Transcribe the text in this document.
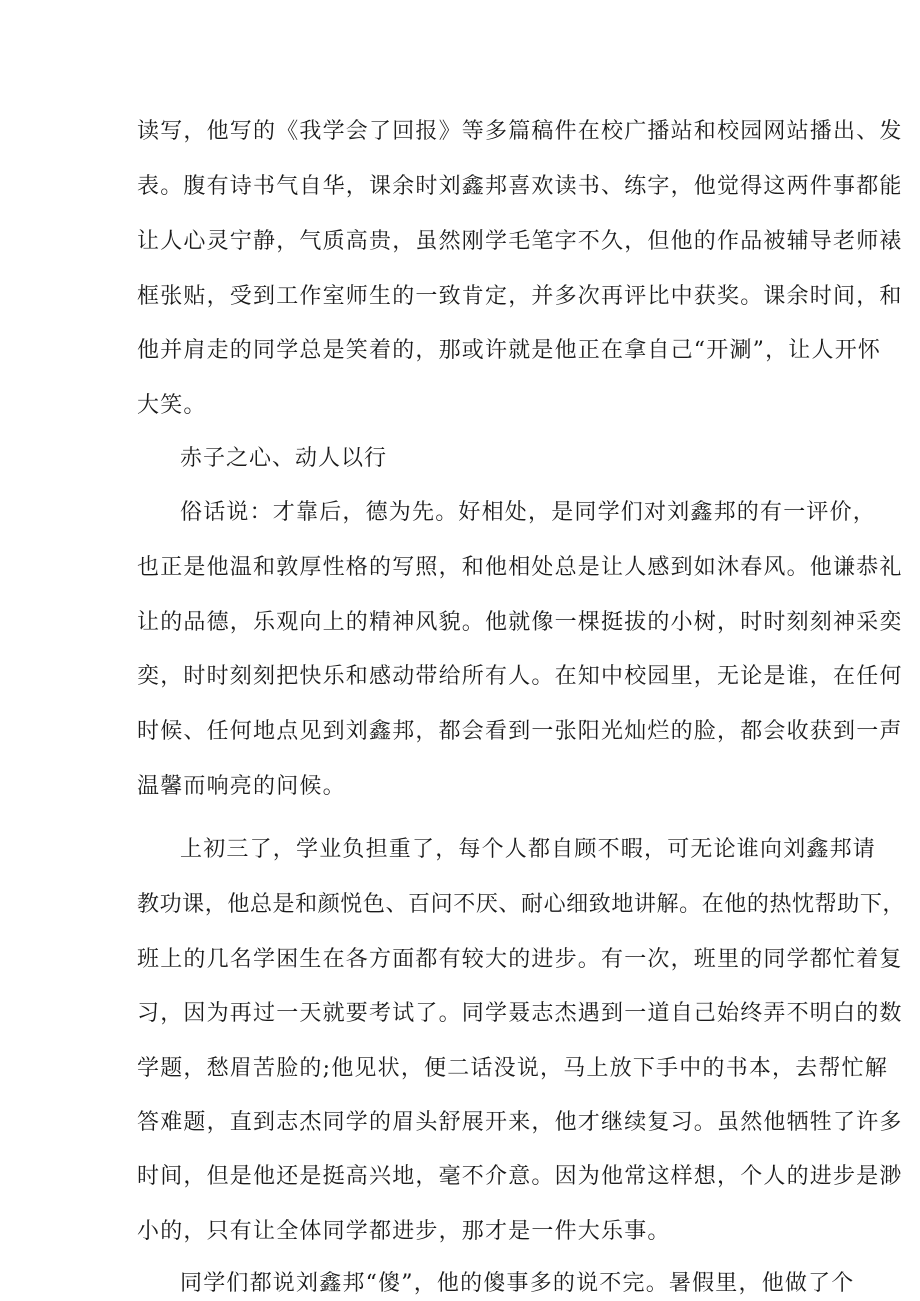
读写，他写的《我学会了回报》等多篇稿件在校广播站和校园网站播出、发
表。腹有诗书气自华，课余时刘鑫邦喜欢读书、练字，他觉得这两件事都能
让人心灵宁静，气质高贵，虽然刚学毛笔字不久，但他的作品被辅导老师裱
框张贴，受到工作室师生的一致肯定，并多次再评比中获奖。课余时间，和
他并肩走的同学总是笑着的，那或许就是他正在拿自己“开涮”，让人开怀
大笑。
赤子之心、动人以行
俗话说：才靠后，德为先。好相处，是同学们对刘鑫邦的有一评价，
也正是他温和敦厚性格的写照，和他相处总是让人感到如沐春风。他谦恭礼
让的品德，乐观向上的精神风貌。他就像一棵挺拔的小树，时时刻刻神采奕
奕，时时刻刻把快乐和感动带给所有人。在知中校园里，无论是谁，在任何
时候、任何地点见到刘鑫邦，都会看到一张阳光灿烂的脸，都会收获到一声
温馨而响亮的问候。
上初三了，学业负担重了，每个人都自顾不暇，可无论谁向刘鑫邦请
教功课，他总是和颜悦色、百问不厌、耐心细致地讲解。在他的热忱帮助下，
班上的几名学困生在各方面都有较大的进步。有一次，班里的同学都忙着复
习，因为再过一天就要考试了。同学聂志杰遇到一道自己始终弄不明白的数
学题，愁眉苦脸的;他见状，便二话没说，马上放下手中的书本，去帮忙解
答难题，直到志杰同学的眉头舒展开来，他才继续复习。虽然他牺牲了许多
时间，但是他还是挺高兴地，毫不介意。因为他常这样想，个人的进步是渺
小的，只有让全体同学都进步，那才是一件大乐事。
同学们都说刘鑫邦“傻”，他的傻事多的说不完。暑假里，他做了个
